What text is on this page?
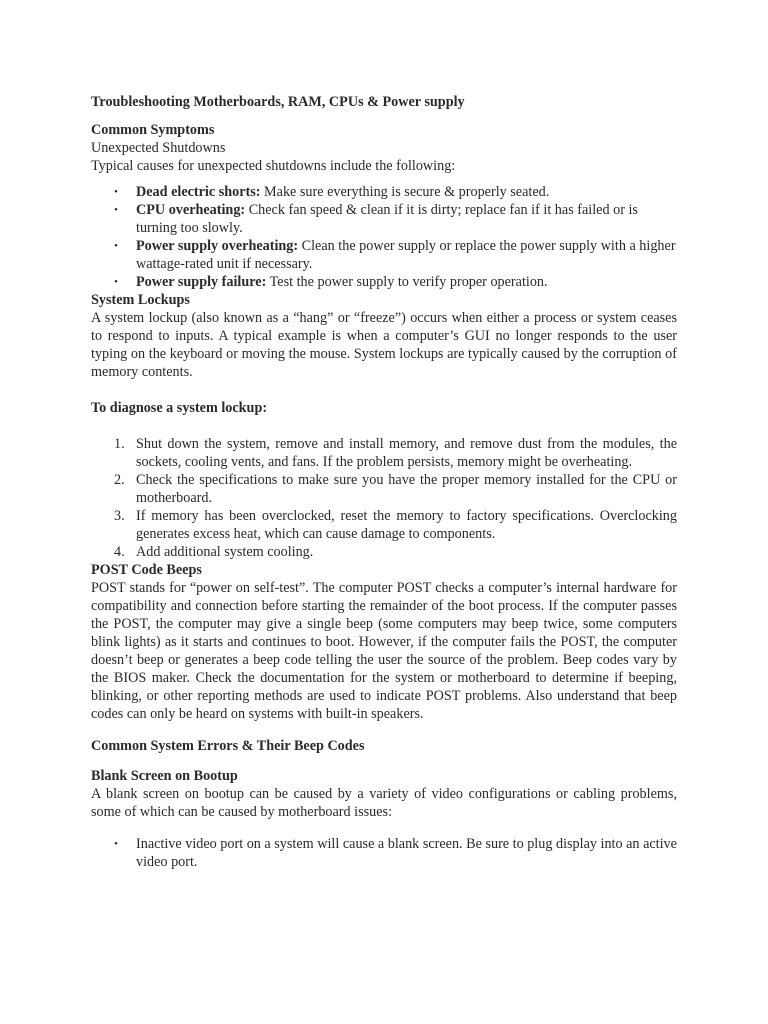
Troubleshooting Motherboards, RAM, CPUs & Power supply

Common Symptoms

Unexpected Shutdowns

Typical causes for unexpected shutdowns include the following:

• Dead electric shorts: Make sure everything is secure & properly seated.
• CPU overheating: Check fan speed & clean if it is dirty; replace fan if it has failed or is turning too slowly.
• Power supply overheating: Clean the power supply or replace the power supply with a higher wattage-rated unit if necessary.
• Power supply failure: Test the power supply to verify proper operation.

System Lockups

A system lockup (also known as a “hang” or “freeze”) occurs when either a process or system ceases to respond to inputs. A typical example is when a computer’s GUI no longer responds to the user typing on the keyboard or moving the mouse. System lockups are typically caused by the corruption of memory contents.

To diagnose a system lockup:

1. Shut down the system, remove and install memory, and remove dust from the modules, the sockets, cooling vents, and fans. If the problem persists, memory might be overheating.
2. Check the specifications to make sure you have the proper memory installed for the CPU or motherboard.
3. If memory has been overclocked, reset the memory to factory specifications. Overclocking generates excess heat, which can cause damage to components.
4. Add additional system cooling.

POST Code Beeps

POST stands for “power on self-test”. The computer POST checks a computer’s internal hardware for compatibility and connection before starting the remainder of the boot process. If the computer passes the POST, the computer may give a single beep (some computers may beep twice, some computers blink lights) as it starts and continues to boot. However, if the computer fails the POST, the computer doesn’t beep or generates a beep code telling the user the source of the problem. Beep codes vary by the BIOS maker. Check the documentation for the system or motherboard to determine if beeping, blinking, or other reporting methods are used to indicate POST problems. Also understand that beep codes can only be heard on systems with built-in speakers.

Common System Errors & Their Beep Codes

Blank Screen on Bootup

A blank screen on bootup can be caused by a variety of video configurations or cabling problems, some of which can be caused by motherboard issues:

• Inactive video port on a system will cause a blank screen. Be sure to plug display into an active video port.
